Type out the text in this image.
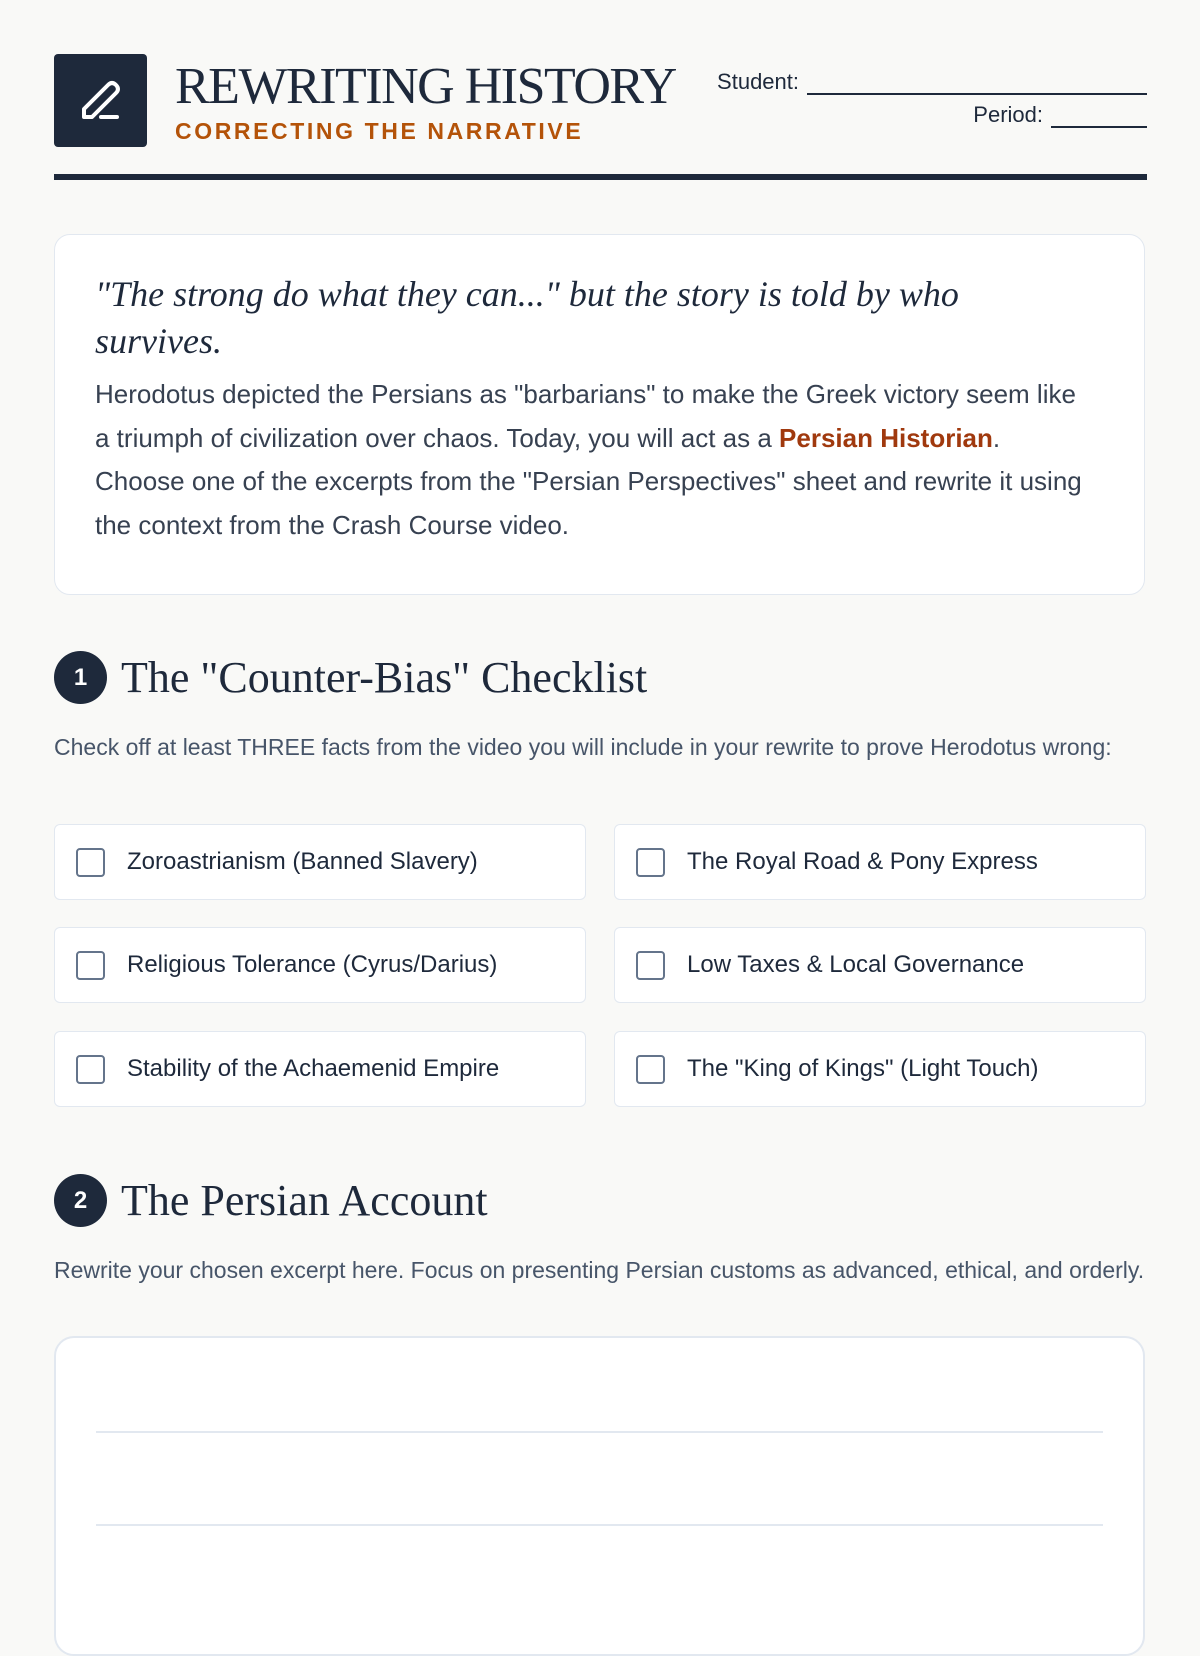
REWRITING HISTORY
CORRECTING THE NARRATIVE
Student:
Period:

"The strong do what they can..." but the story is told by who survives.

Herodotus depicted the Persians as "barbarians" to make the Greek victory seem like a triumph of civilization over chaos. Today, you will act as a Persian Historian. Choose one of the excerpts from the "Persian Perspectives" sheet and rewrite it using the context from the Crash Course video.

1 The "Counter-Bias" Checklist
Check off at least THREE facts from the video you will include in your rewrite to prove Herodotus wrong:
Zoroastrianism (Banned Slavery)	The Royal Road & Pony Express
Religious Tolerance (Cyrus/Darius)	Low Taxes & Local Governance
Stability of the Achaemenid Empire	The "King of Kings" (Light Touch)
2 The Persian Account
Rewrite your chosen excerpt here. Focus on presenting Persian customs as advanced, ethical, and orderly.
